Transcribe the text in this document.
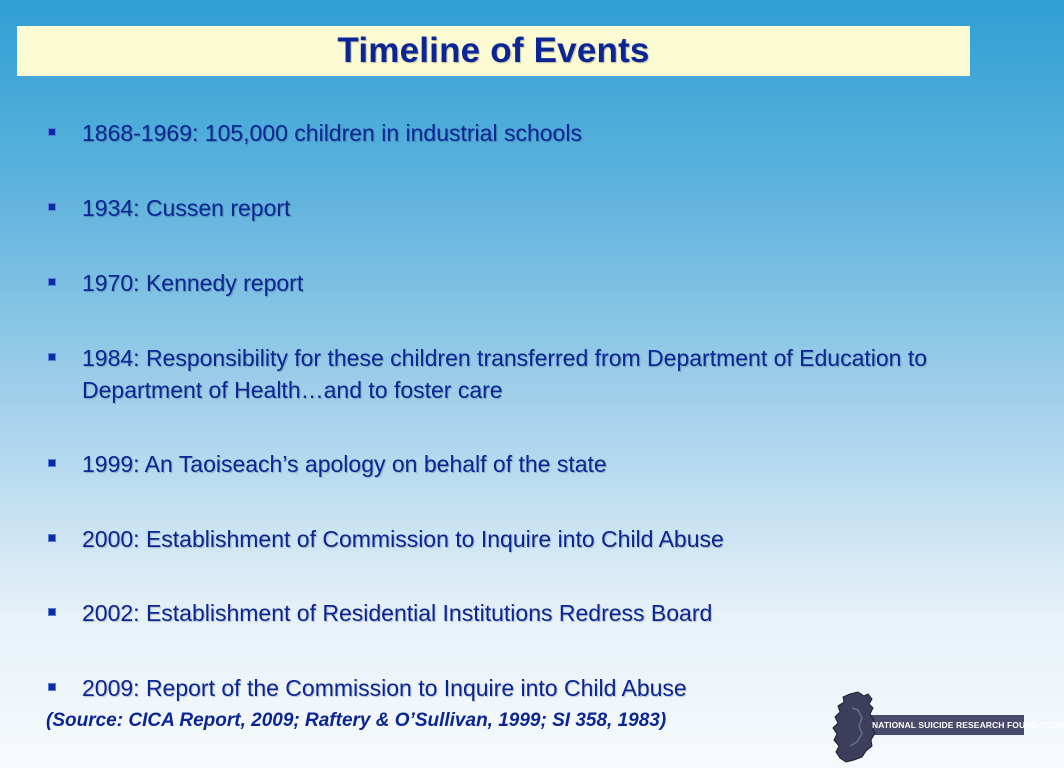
Timeline of Events
1868-1969: 105,000 children in industrial schools
1934: Cussen report
1970: Kennedy report
1984: Responsibility for these children transferred from Department of Education to Department of Health…and to foster care
1999: An Taoiseach’s apology on behalf of the state
2000: Establishment of Commission to Inquire into Child Abuse
2002: Establishment of Residential Institutions Redress Board
2009: Report of the Commission to Inquire into Child Abuse
(Source: CICA Report, 2009; Raftery & O’Sullivan, 1999; SI 358, 1983)	NATIONAL SUICIDE RESEARCH FOUNDATION
